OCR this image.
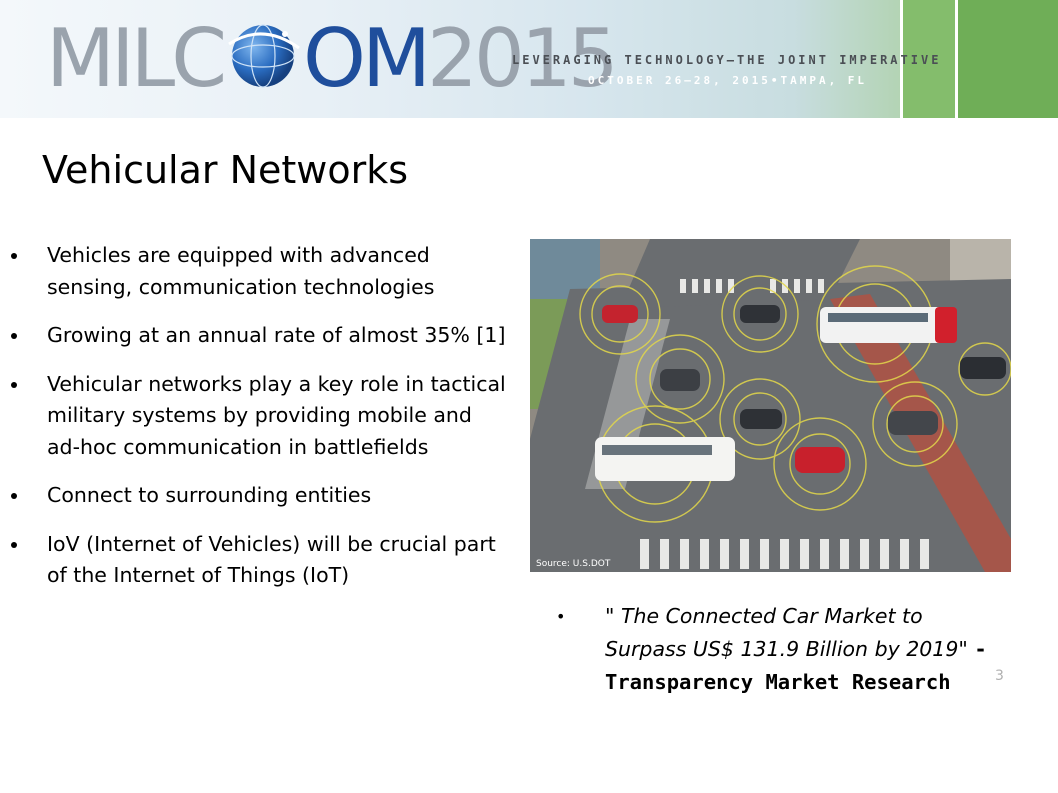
MILC OM2015
LEVERAGING TECHNOLOGY—THE JOINT IMPERATIVE
OCTOBER 26–28, 2015•TAMPA, FL
Vehicular Networks
Vehicles are equipped with advanced sensing, communication technologies
Growing at an annual rate of almost 35% [1]
Vehicular networks play a key role in tactical military systems by providing mobile and ad-hoc communication in battlefields
Connect to surrounding entities
IoV (Internet of Vehicles) will be crucial part of the Internet of Things (IoT)	Source: U.S.DOT
• " The Connected Car Market to Surpass US$ 131.9 Billion by 2019" - Transparency Market Research	3
